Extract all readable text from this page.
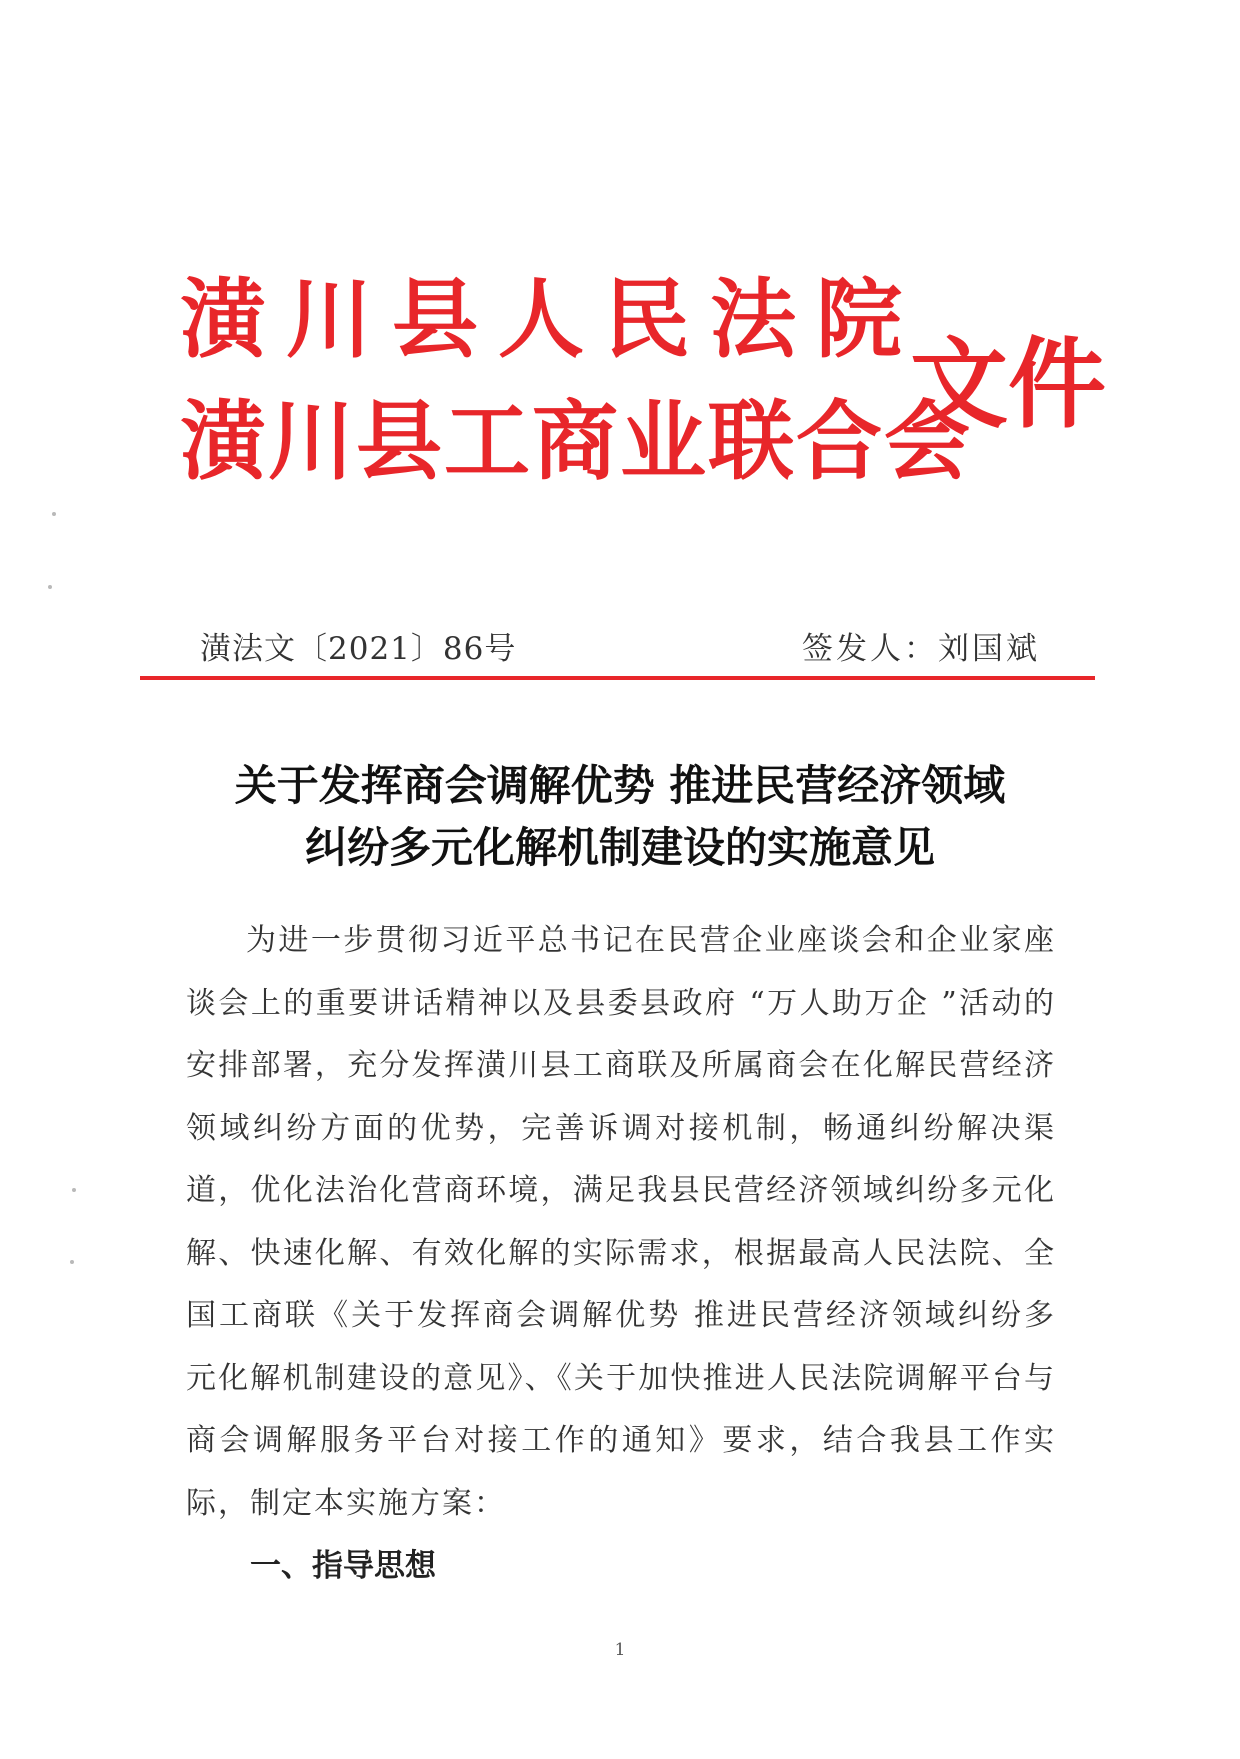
潢川县人民法院
潢川县工商业联合会
文件
潢法文〔2021〕86号	签发人：刘国斌
关于发挥商会调解优势 推进民营经济领域
纠纷多元化解机制建设的实施意见

为进一步贯彻习近平总书记在民营企业座谈会和企业家座谈会上的重要讲话精神以及县委县政府 “万人助万企 ”活动的安排部署，充分发挥潢川县工商联及所属商会在化解民营经济领域纠纷方面的优势，完善诉调对接机制，畅通纠纷解决渠道，优化法治化营商环境，满足我县民营经济领域纠纷多元化解、快速化解、有效化解的实际需求，根据最高人民法院、全国工商联《关于发挥商会调解优势 推进民营经济领域纠纷多元化解机制建设的意见》、《关于加快推进人民法院调解平台与商会调解服务平台对接工作的通知》要求，结合我县工作实际，制定本实施方案：

一、指导思想
1
